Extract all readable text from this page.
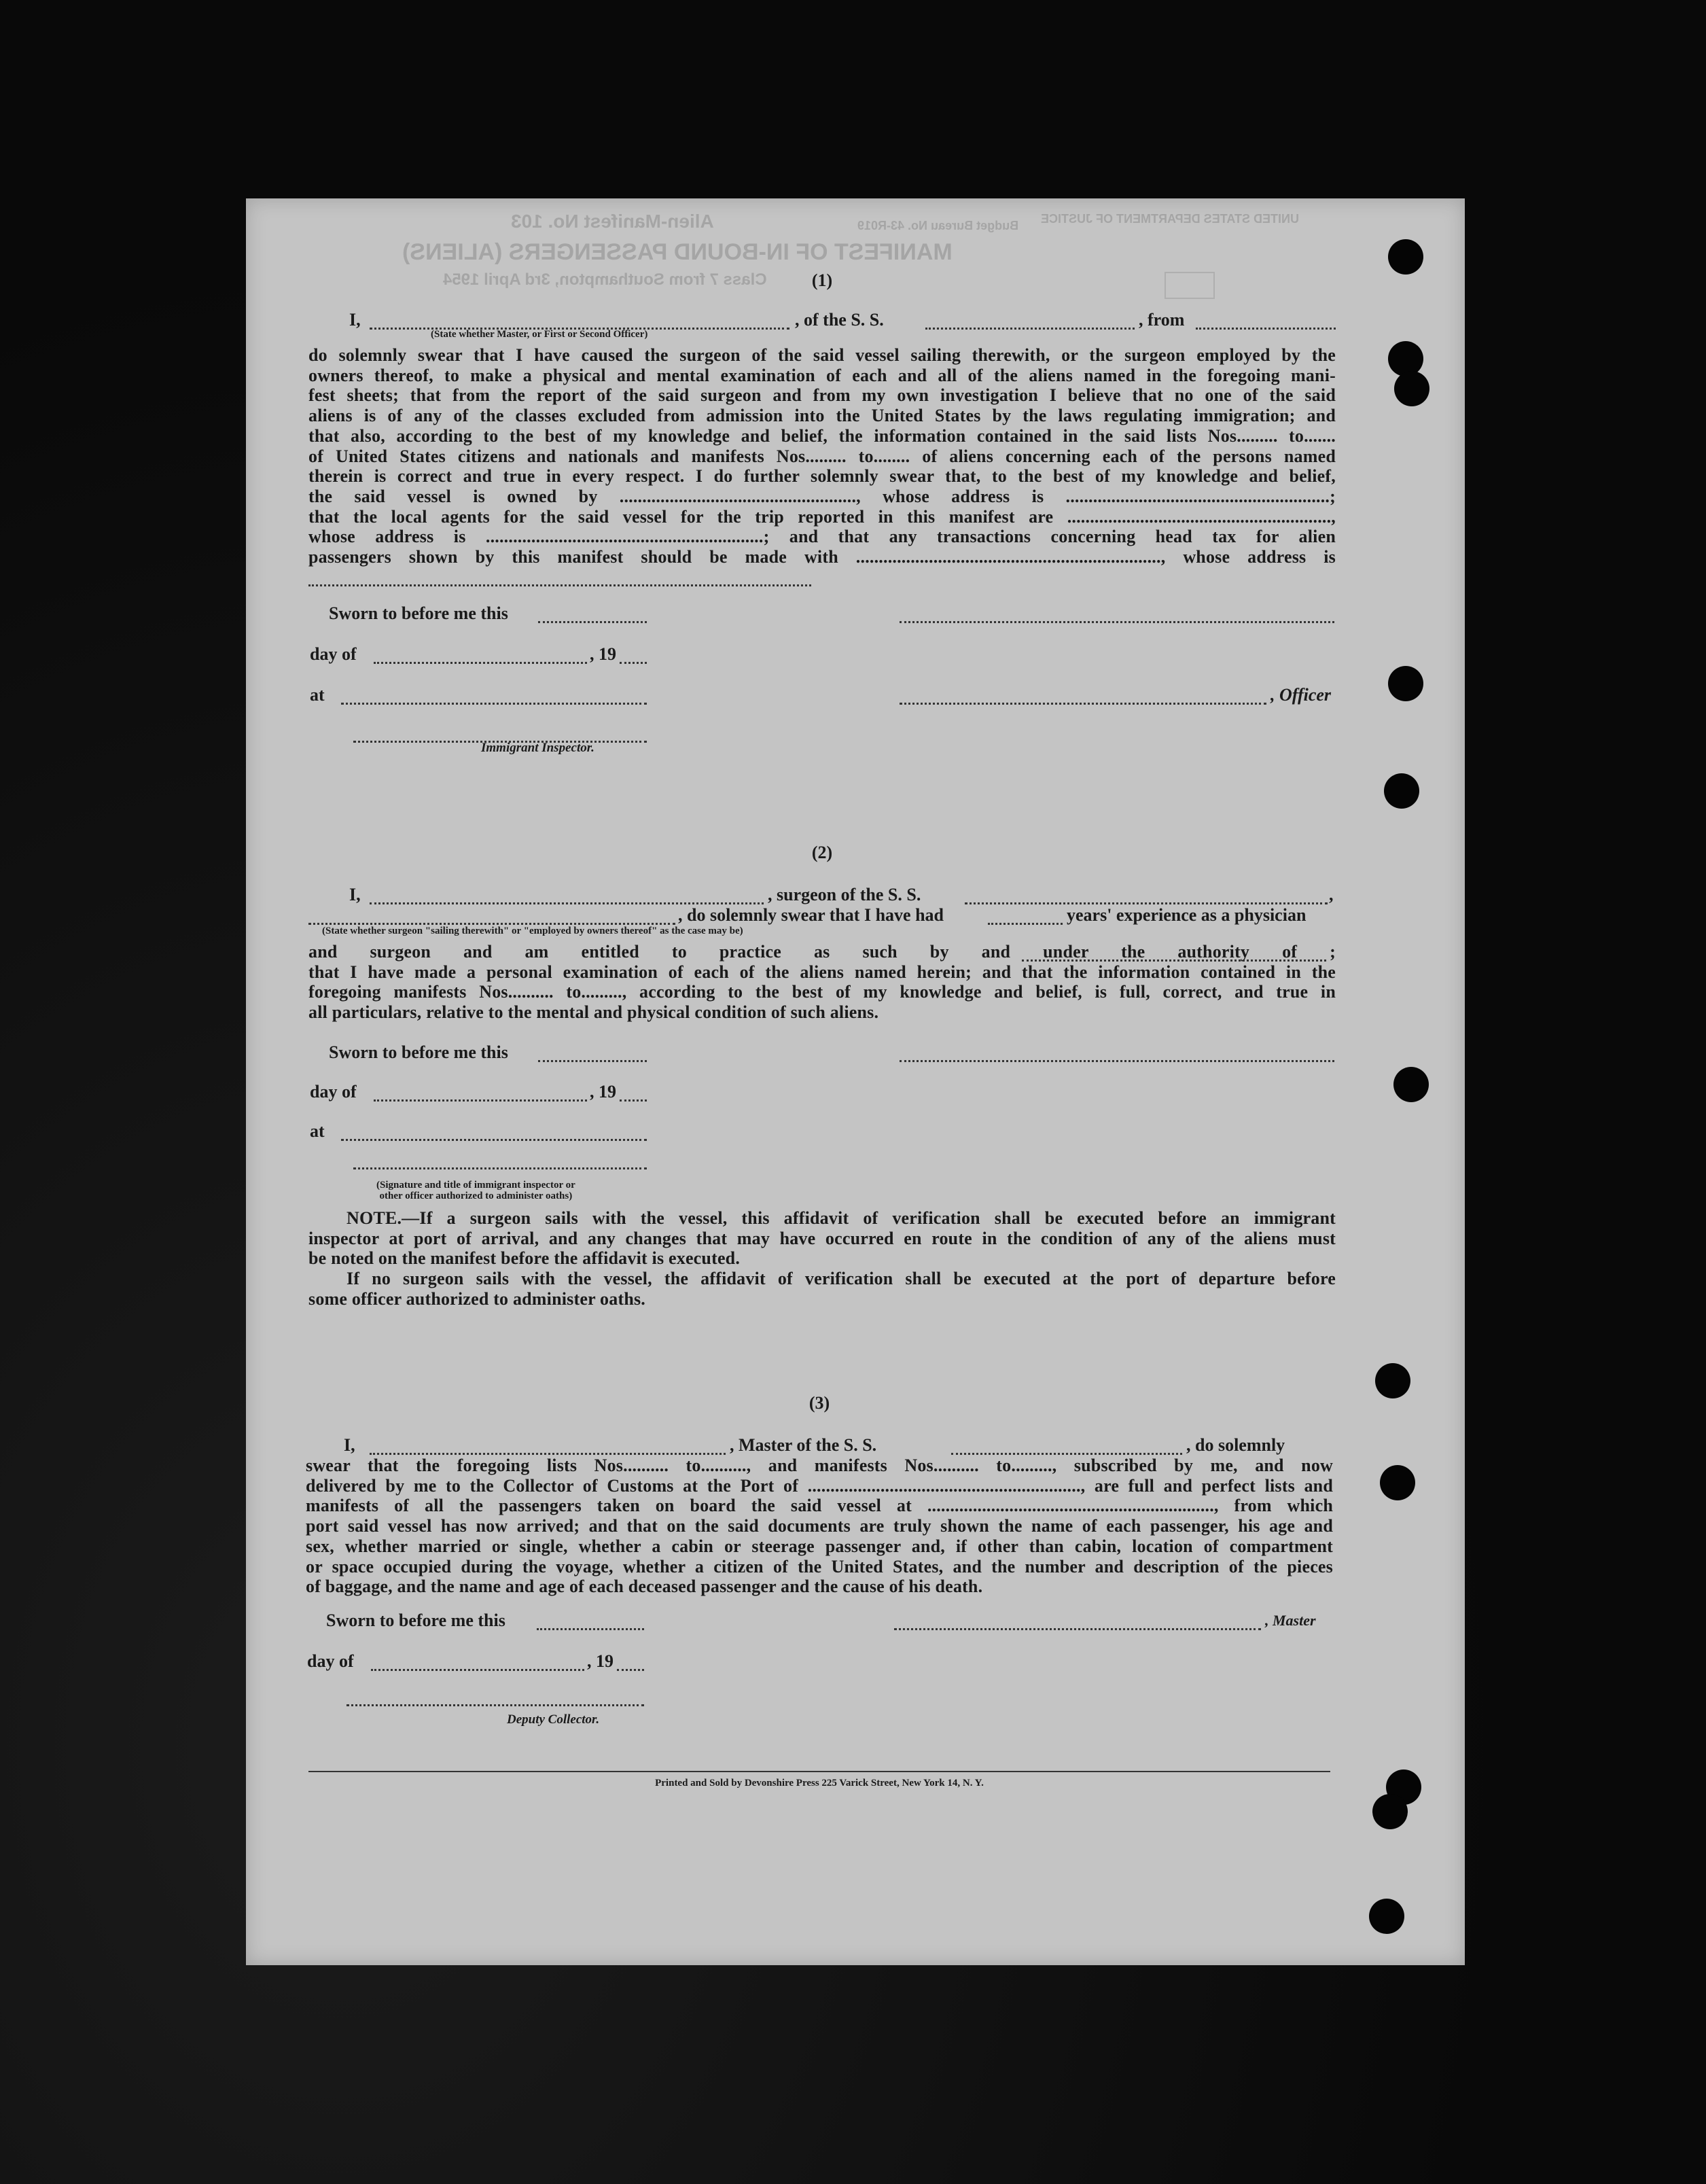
Alien-Manifest No. 103
MANIFEST OF IN-BOUND PASSENGERS (ALIENS)
Class 7 from Southampton, 3rd April 1954
UNITED STATES DEPARTMENT OF JUSTICE
Budget Bureau No. 43-R019
(1)
I,	, of the S. S.	, from
(State whether Master, or First or Second Officer)
do solemnly swear that I have caused the surgeon of the said vessel sailing therewith, or the surgeon employed by the
owners thereof, to make a physical and mental examination of each and all of the aliens named in the foregoing mani-
fest sheets; that from the report of the said surgeon and from my own investigation I believe that no one of the said
aliens is of any of the classes excluded from admission into the United States by the laws regulating immigration; and
that also, according to the best of my knowledge and belief, the information contained in the said lists Nos......... to.......
of United States citizens and nationals and manifests Nos......... to........ of aliens concerning each of the persons named
therein is correct and true in every respect. I do further solemnly swear that, to the best of my knowledge and belief,
the said vessel is owned by ...................................................., whose address is ..........................................................;
that the local agents for the said vessel for the trip reported in this manifest are ..........................................................,
whose address is .............................................................; and that any transactions concerning head tax for alien
passengers shown by this manifest should be made with ..................................................................., whose address is
Sworn to before me this
day of	, 19
at	, Officer
Immigrant Inspector.
(2)
I,	, surgeon of the S. S.	,
, do solemnly swear that I have had	years' experience as a physician
(State whether surgeon "sailing therewith" or "employed by owners thereof" as the case may be)
and surgeon and am entitled to practice as such by and under the authority of ;
that I have made a personal examination of each of the aliens named herein; and that the information contained in the
foregoing manifests Nos.......... to........., according to the best of my knowledge and belief, is full, correct, and true in
all particulars, relative to the mental and physical condition of such aliens.
Sworn to before me this
day of	, 19
at
(Signature and title of immigrant inspector or
other officer authorized to administer oaths)
NOTE.—If a surgeon sails with the vessel, this affidavit of verification shall be executed before an immigrant
inspector at port of arrival, and any changes that may have occurred en route in the condition of any of the aliens must
be noted on the manifest before the affidavit is executed.
If no surgeon sails with the vessel, the affidavit of verification shall be executed at the port of departure before
some officer authorized to administer oaths.
(3)
I,	, Master of the S. S.	, do solemnly
swear that the foregoing lists Nos.......... to.........., and manifests Nos.......... to........., subscribed by me, and now
delivered by me to the Collector of Customs at the Port of ............................................................, are full and perfect lists and
manifests of all the passengers taken on board the said vessel at ..............................................................., from which
port said vessel has now arrived; and that on the said documents are truly shown the name of each passenger, his age and
sex, whether married or single, whether a cabin or steerage passenger and, if other than cabin, location of compartment
or space occupied during the voyage, whether a citizen of the United States, and the number and description of the pieces
of baggage, and the name and age of each deceased passenger and the cause of his death.
Sworn to before me this	, Master
day of	, 19
Deputy Collector.
Printed and Sold by Devonshire Press 225 Varick Street, New York 14, N. Y.
